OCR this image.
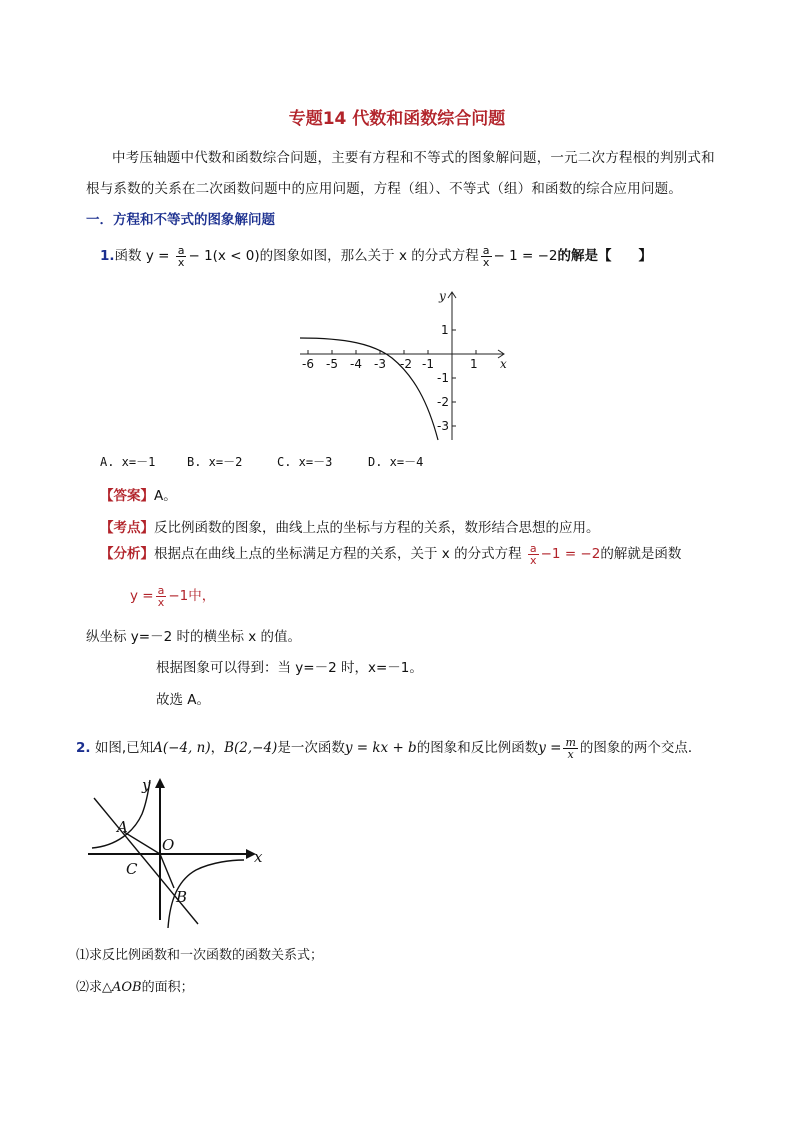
专题14 代数和函数综合问题
中考压轴题中代数和函数综合问题，主要有方程和不等式的图象解问题，一元二次方程根的判别式和根与系数的关系在二次函数问题中的应用问题，方程（组）、不等式（组）和函数的综合应用问题。
一．方程和不等式的图象解问题
1.函数 $y = \frac{a}{x} - 1(x < 0)$的图象如图，那么关于 x 的分式方程 $\frac{a}{x} - 1 = -2$的解是【　　】
-6 -5 -4 -3 -2 -1	1
1
-1
-2
-3
x
y
A. x=－1	B. x=－2	C. x=－3	D. x=－4
【答案】A。
【考点】反比例函数的图象，曲线上点的坐标与方程的关系，数形结合思想的应用。
【分析】根据点在曲线上点的坐标满足方程的关系，关于 x 的分式方程 $\frac{a}{x} -1 = -2$的解就是函数
$y = \frac{a}{x} -1$中，
纵坐标 y=－2 时的横坐标 x 的值。
根据图象可以得到：当 y=－2 时，x=－1。
故选 A。
2. 如图,已知A(−4, n)，B(2,−4)是一次函数y = kx + b的图象和反比例函数$y = \frac{m}{x}$ 的图象的两个交点．
A
O
C
B
y
x
⑴求反比例函数和一次函数的函数关系式；
⑵求△AOB的面积；
